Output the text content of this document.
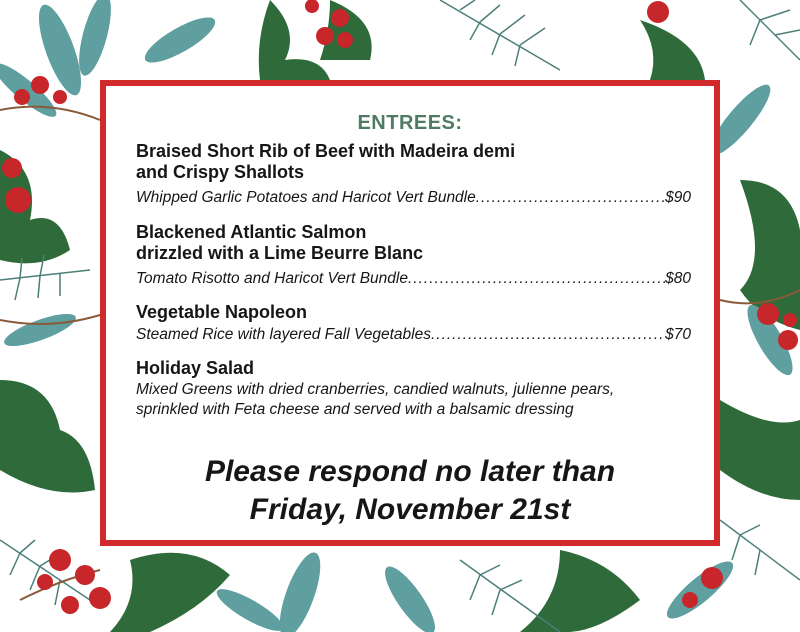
ENTREES:
Braised Short Rib of Beef with Madeira demi
and Crispy Shallots
Whipped Garlic Potatoes and Haricot Vert Bundle .....	$90
Blackened Atlantic Salmon
drizzled with a Lime Beurre Blanc
Tomato Risotto and Haricot Vert Bundle .....	$80
Vegetable Napoleon
Steamed Rice with layered Fall Vegetables .....	$70
Holiday Salad
Mixed Greens with dried cranberries, candied walnuts, julienne pears,
sprinkled with Feta cheese and served with a balsamic dressing
Please respond no later than
Friday, November 21st
